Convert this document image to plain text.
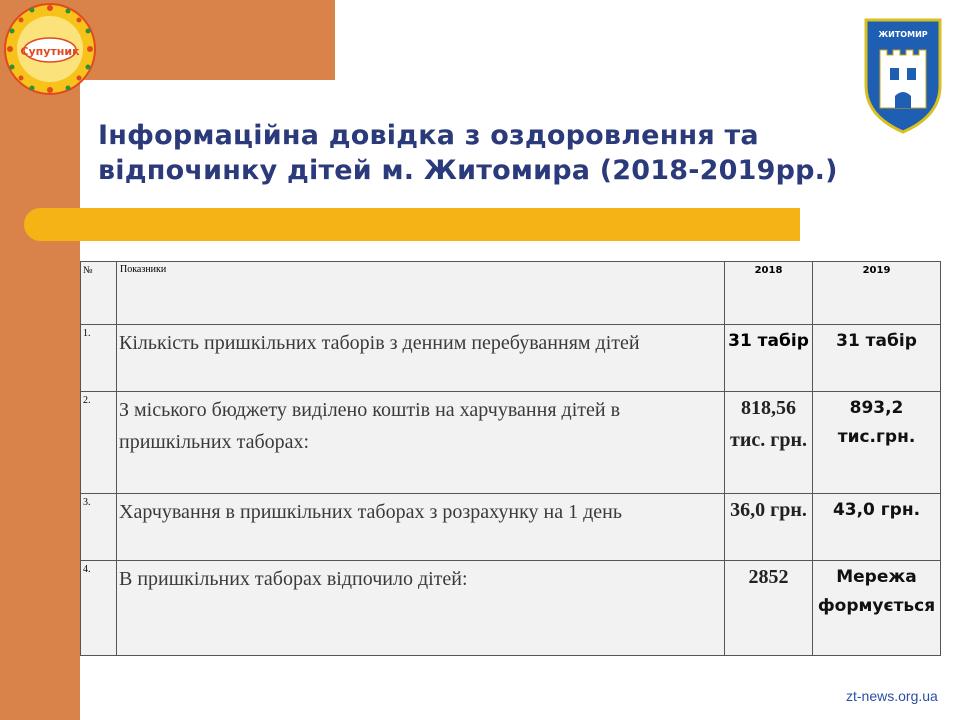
Супутник
ЖИТОМИР
Інформаційна довідка з оздоровлення та відпочинку дітей м. Житомира (2018-2019рр.)
№	Показники	2018	2019
1.	Кількість пришкільних таборів з денним перебуванням дітей	31 табір	31 табір
2.	З міського бюджету виділено коштів на харчування дітей в пришкільних таборах:	818,56 тис. грн.	893,2 тис.грн.
3.	Харчування в пришкільних таборах з розрахунку на 1 день	36,0 грн.	43,0 грн.
4.	В пришкільних таборах відпочило дітей:	2852	Мережа формується
zt-news.org.ua
